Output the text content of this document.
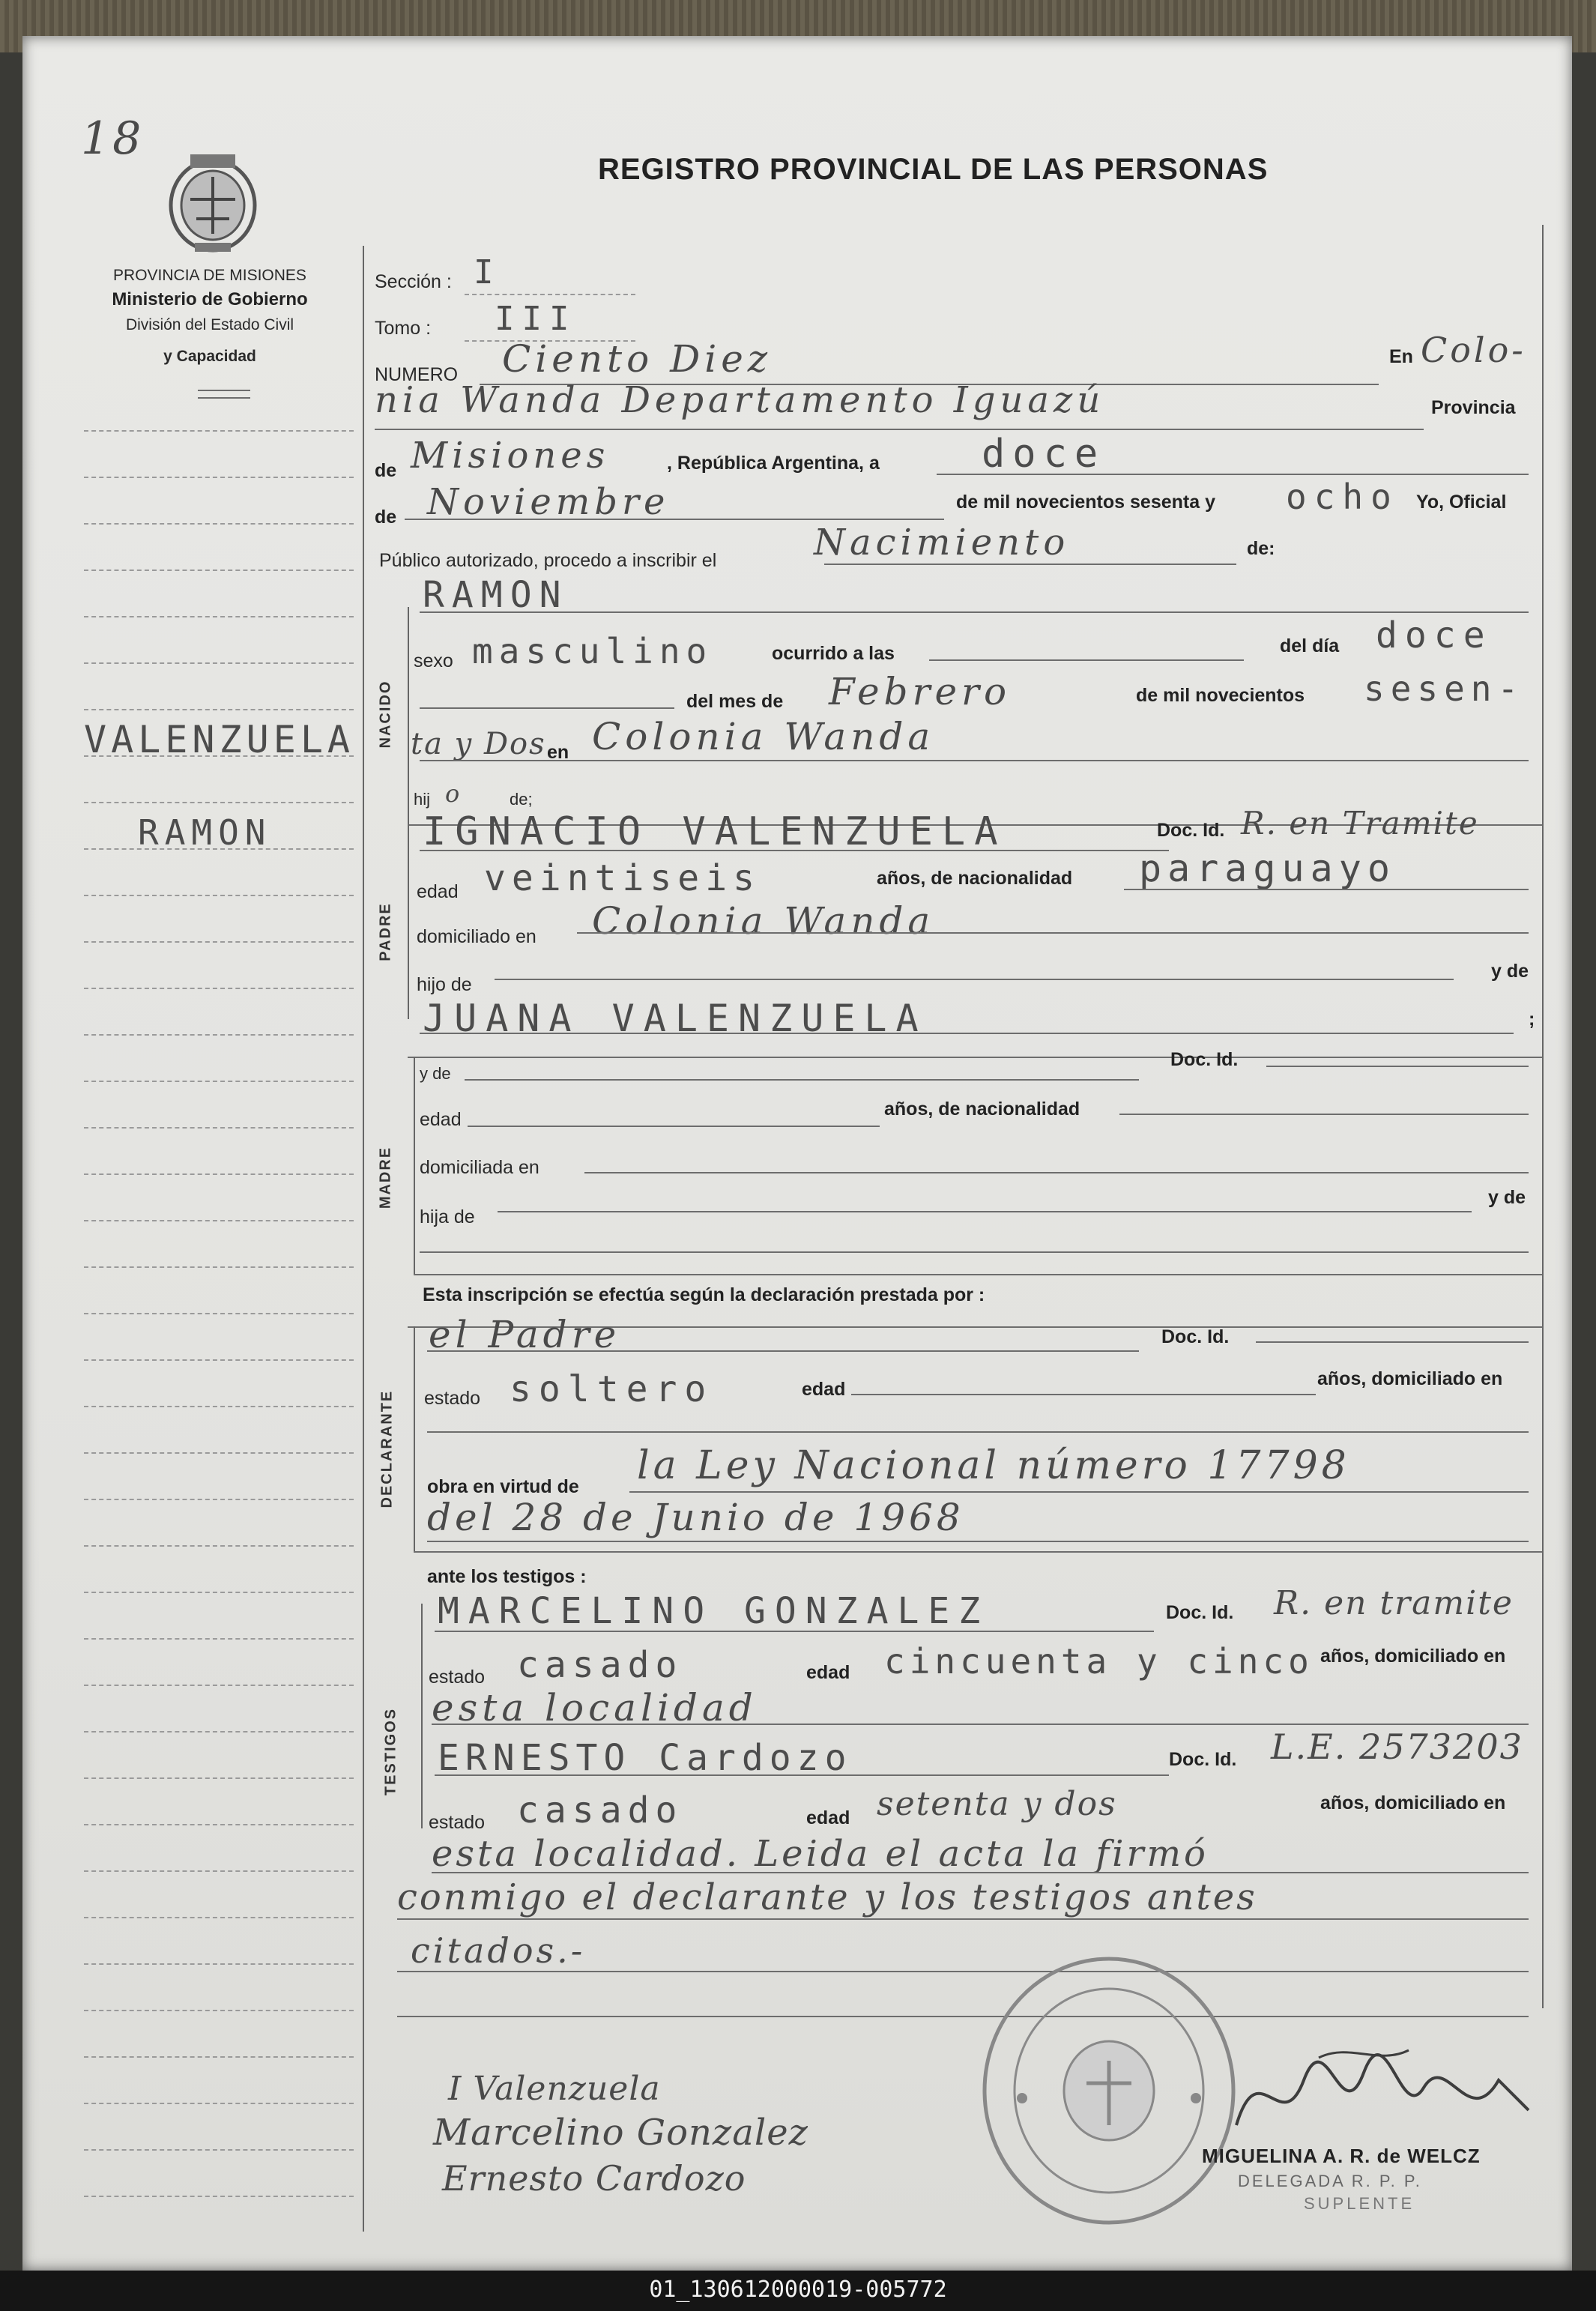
18
PROVINCIA DE MISIONES
Ministerio de Gobierno
División del Estado Civil
y Capacidad
VALENZUELA
RAMON
REGISTRO PROVINCIAL DE LAS PERSONAS
Sección : I
Tomo : III
NUMERO Ciento Diez	En Colo-
nia Wanda Departamento Iguazú	Provincia
de Misiones	, República Argentina, a	doce
de Noviembre	de mil novecientos sesenta y ocho Yo, Oficial
Público autorizado, procedo a inscribir el	Nacimiento	de:
NACIDO
RAMON
sexo masculino	ocurrido a las	del día doce
del mes de Febrero	de mil novecientos sesen-
ta y Dos en Colonia Wanda
hij o	de;
PADRE
IGNACIO VALENZUELA	Doc. Id. R. en Tramite
edad veintiseis	años, de nacionalidad paraguayo
domiciliado en Colonia Wanda
hijo de
y de
JUANA VALENZUELA	;
MADRE
y de
Doc. Id.
edad	años, de nacionalidad
domiciliada en
hija de
y de
Esta inscripción se efectúa según la declaración prestada por :
DECLARANTE
el Padre	Doc. Id.
estado soltero	edad	años, domiciliado en
obra en virtud de la Ley Nacional número 17798
del 28 de Junio de 1968
ante los testigos :
TESTIGOS
MARCELINO GONZALEZ	Doc. Id. R. en tramite
estado casado	edad cincuenta y cinco años, domiciliado en
esta localidad
ERNESTO Cardozo	Doc. Id. L.E. 2573203
estado casado	edad setenta y dos	años, domiciliado en
esta localidad. Leida el acta la firmó
conmigo el declarante y los testigos antes
citados.-
I Valenzuela
Marcelino Gonzalez
Ernesto Cardozo
MIGUELINA A. R. de WELCZ
DELEGADA R. P. P.
SUPLENTE
01_130612000019-005772
